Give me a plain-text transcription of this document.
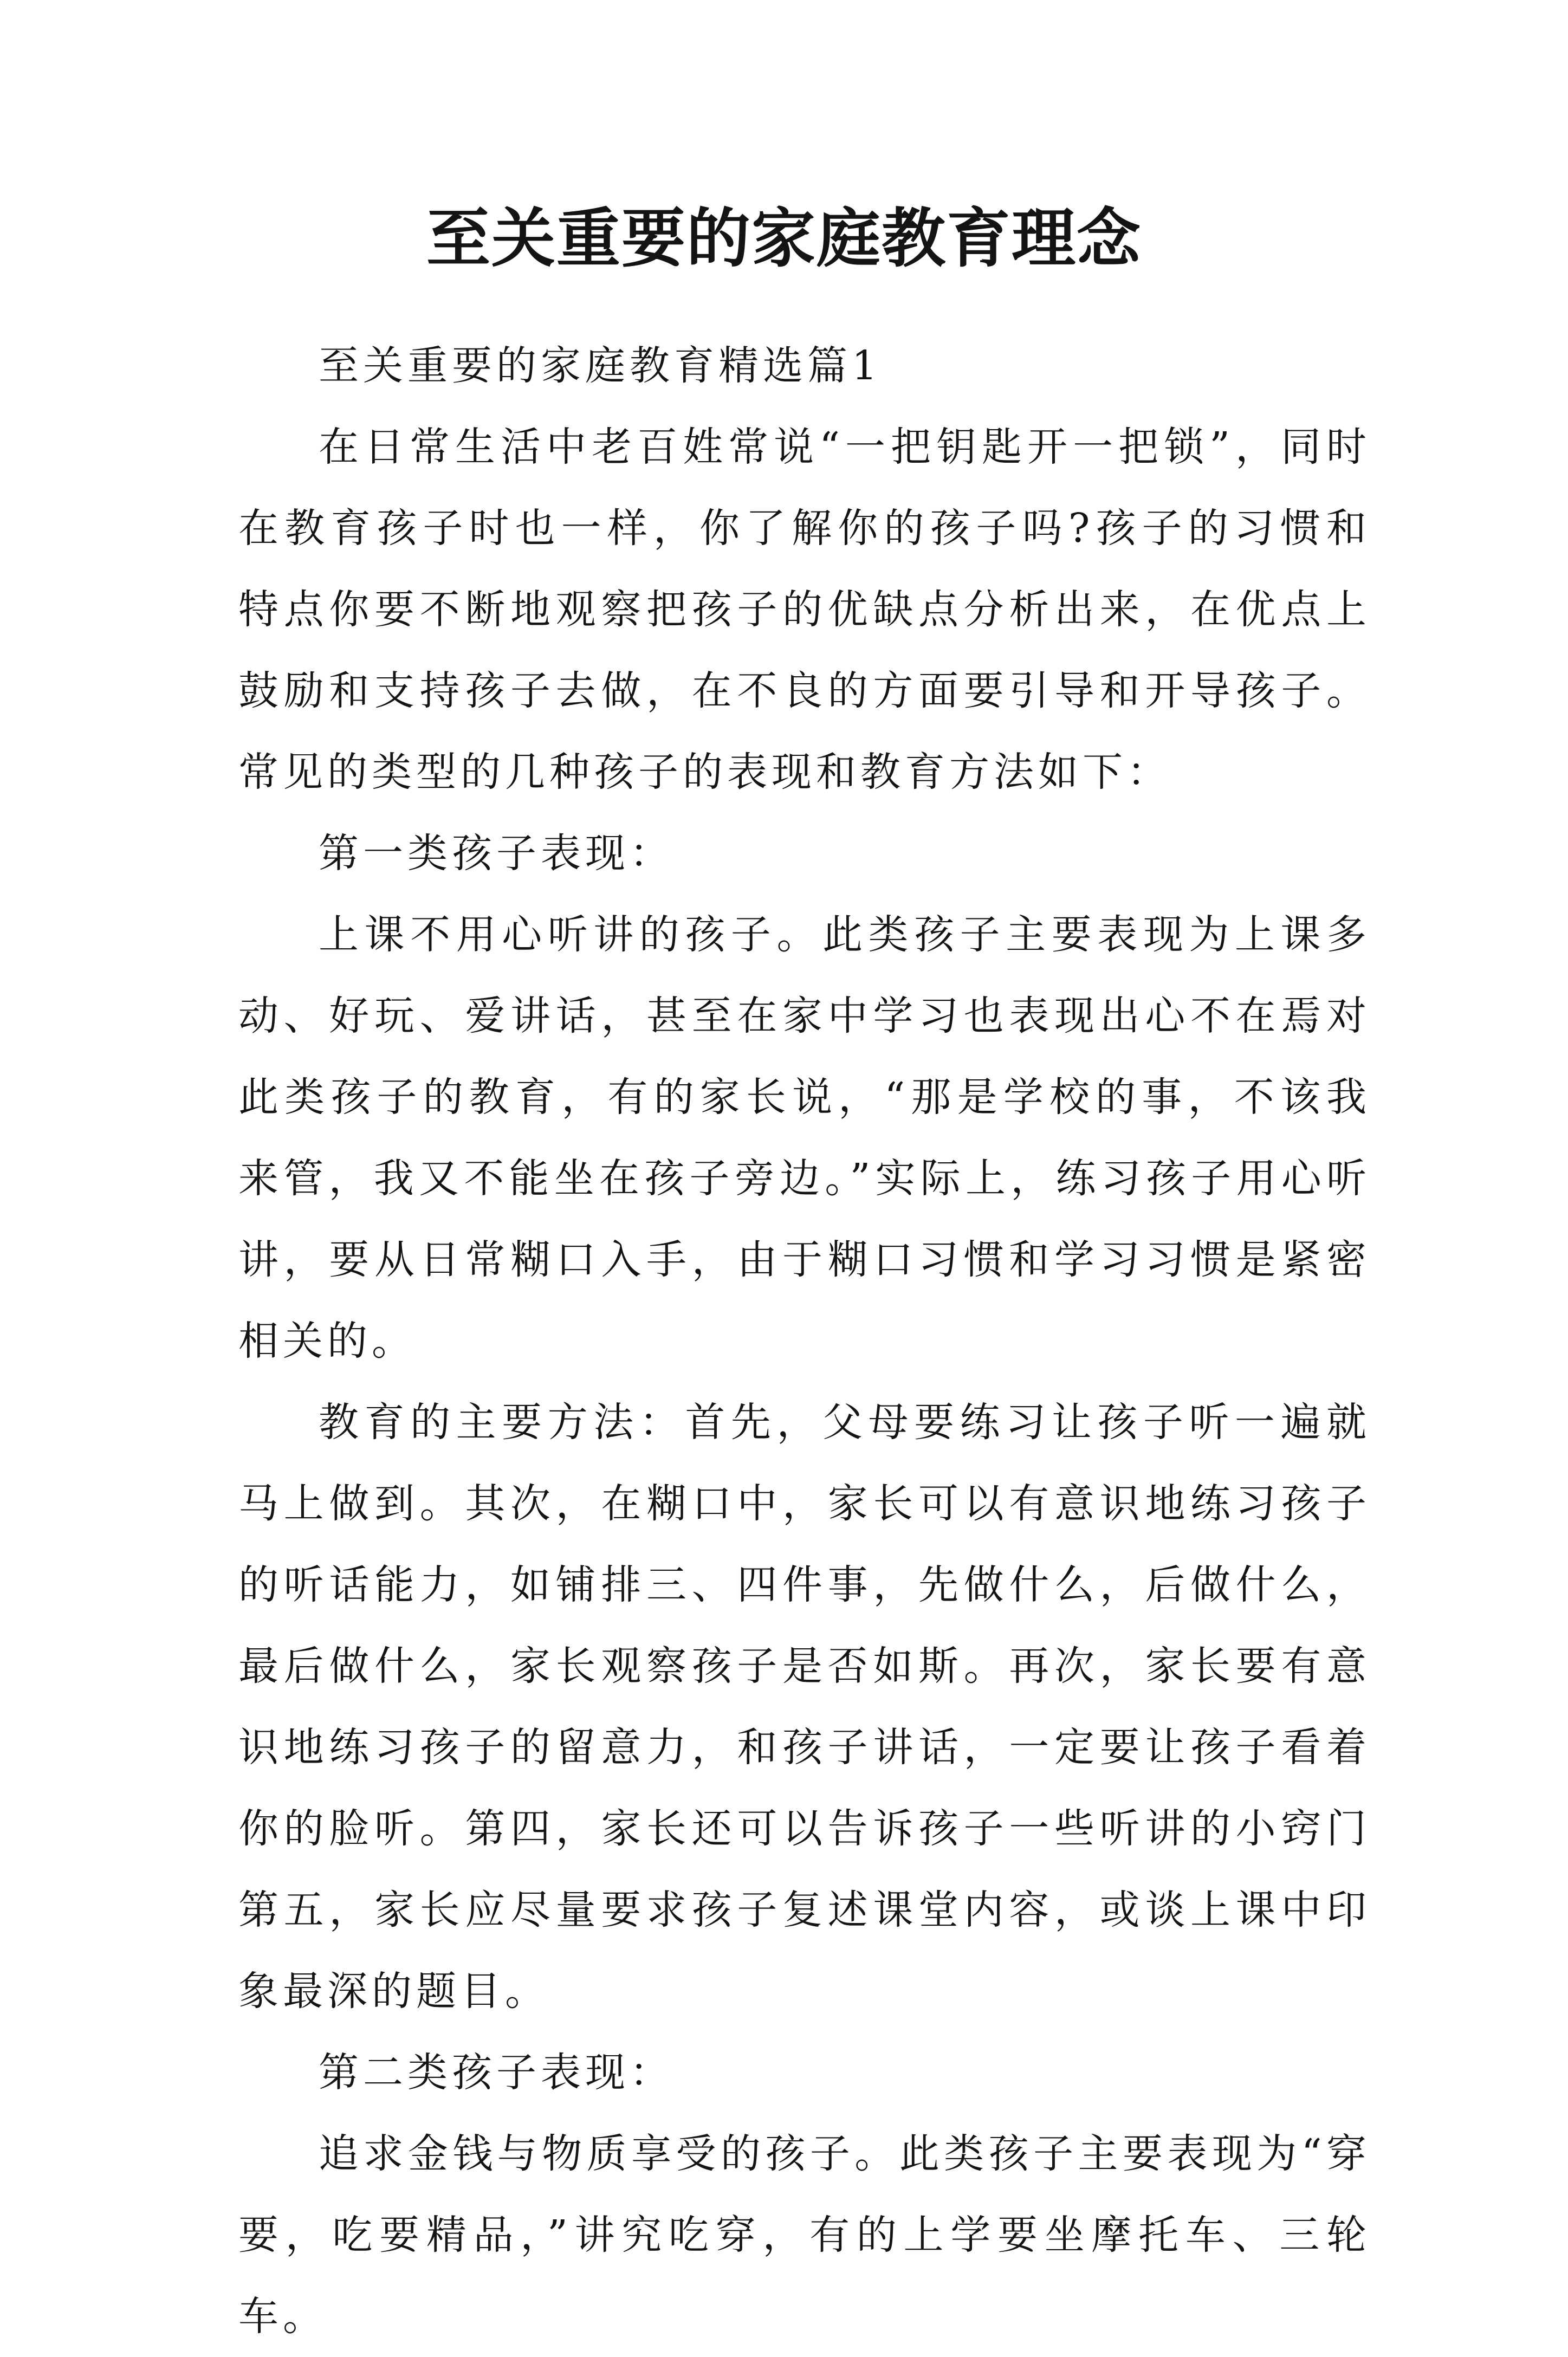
至关重要的家庭教育理念

至关重要的家庭教育精选篇1

在日常生活中老百姓常说“一把钥匙开一把锁”，同时在教育孩子时也一样，你了解你的孩子吗?孩子的习惯和特点你要不断地观察把孩子的优缺点分析出来，在优点上鼓励和支持孩子去做，在不良的方面要引导和开导孩子。常见的类型的几种孩子的表现和教育方法如下：

第一类孩子表现：

上课不用心听讲的孩子。此类孩子主要表现为上课多动、好玩、爱讲话，甚至在家中学习也表现出心不在焉对此类孩子的教育，有的家长说，“那是学校的事，不该我来管，我又不能坐在孩子旁边。”实际上，练习孩子用心听讲，要从日常糊口入手，由于糊口习惯和学习习惯是紧密相关的。

教育的主要方法：首先，父母要练习让孩子听一遍就马上做到。其次，在糊口中，家长可以有意识地练习孩子的听话能力，如铺排三、四件事，先做什么，后做什么，最后做什么，家长观察孩子是否如斯。再次，家长要有意识地练习孩子的留意力，和孩子讲话，一定要让孩子看着你的脸听。第四，家长还可以告诉孩子一些听讲的小窍门第五，家长应尽量要求孩子复述课堂内容，或谈上课中印象最深的题目。

第二类孩子表现：

追求金钱与物质享受的孩子。此类孩子主要表现为“穿要，吃要精品，”讲究吃穿，有的上学要坐摩托车、三轮车。
